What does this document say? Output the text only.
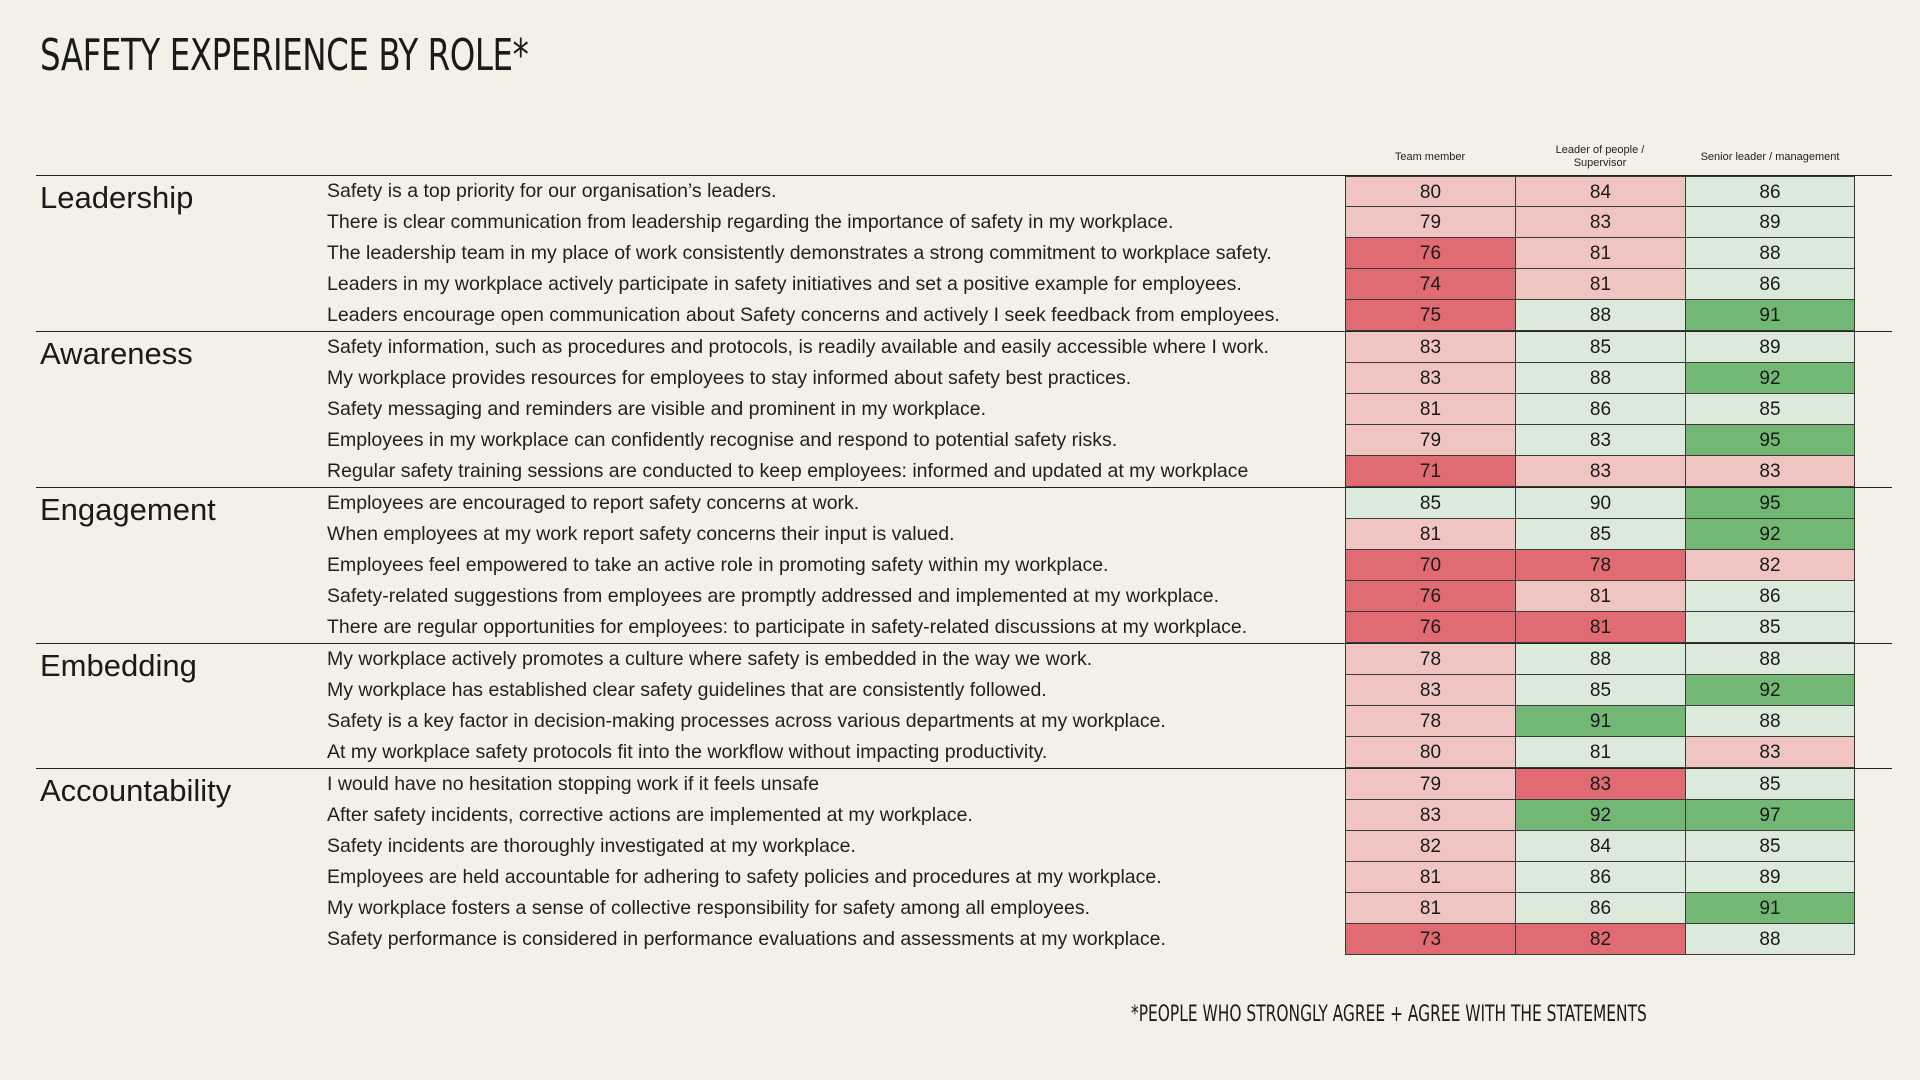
SAFETY EXPERIENCE BY ROLE*
Team member
Leader of people / Supervisor
Senior leader / management
Leadership	Safety is a top priority for our organisation’s leaders.	80	84	86
There is clear communication from leadership regarding the importance of safety in my workplace.	79	83	89
The leadership team in my place of work consistently demonstrates a strong commitment to workplace safety.	76	81	88
Leaders in my workplace actively participate in safety initiatives and set a positive example for employees.	74	81	86
Leaders encourage open communication about Safety concerns and actively I seek feedback from employees.	75	88	91
Awareness	Safety information, such as procedures and protocols, is readily available and easily accessible where I work.	83	85	89
My workplace provides resources for employees to stay informed about safety best practices.	83	88	92
Safety messaging and reminders are visible and prominent in my workplace.	81	86	85
Employees in my workplace can confidently recognise and respond to potential safety risks.	79	83	95
Regular safety training sessions are conducted to keep employees: informed and updated at my workplace	71	83	83
Engagement	Employees are encouraged to report safety concerns at work.	85	90	95
When employees at my work report safety concerns their input is valued.	81	85	92
Employees feel empowered to take an active role in promoting safety within my workplace.	70	78	82
Safety-related suggestions from employees are promptly addressed and implemented at my workplace.	76	81	86
There are regular opportunities for employees: to participate in safety-related discussions at my workplace.	76	81	85
Embedding	My workplace actively promotes a culture where safety is embedded in the way we work.	78	88	88
My workplace has established clear safety guidelines that are consistently followed.	83	85	92
Safety is a key factor in decision-making processes across various departments at my workplace.	78	91	88
At my workplace safety protocols fit into the workflow without impacting productivity.	80	81	83
Accountability	I would have no hesitation stopping work if it feels unsafe	79	83	85
After safety incidents, corrective actions are implemented at my workplace.	83	92	97
Safety incidents are thoroughly investigated at my workplace.	82	84	85
Employees are held accountable for adhering to safety policies and procedures at my workplace.	81	86	89
My workplace fosters a sense of collective responsibility for safety among all employees.	81	86	91
Safety performance is considered in performance evaluations and assessments at my workplace.	73	82	88
*PEOPLE WHO STRONGLY AGREE + AGREE WITH THE STATEMENTS
